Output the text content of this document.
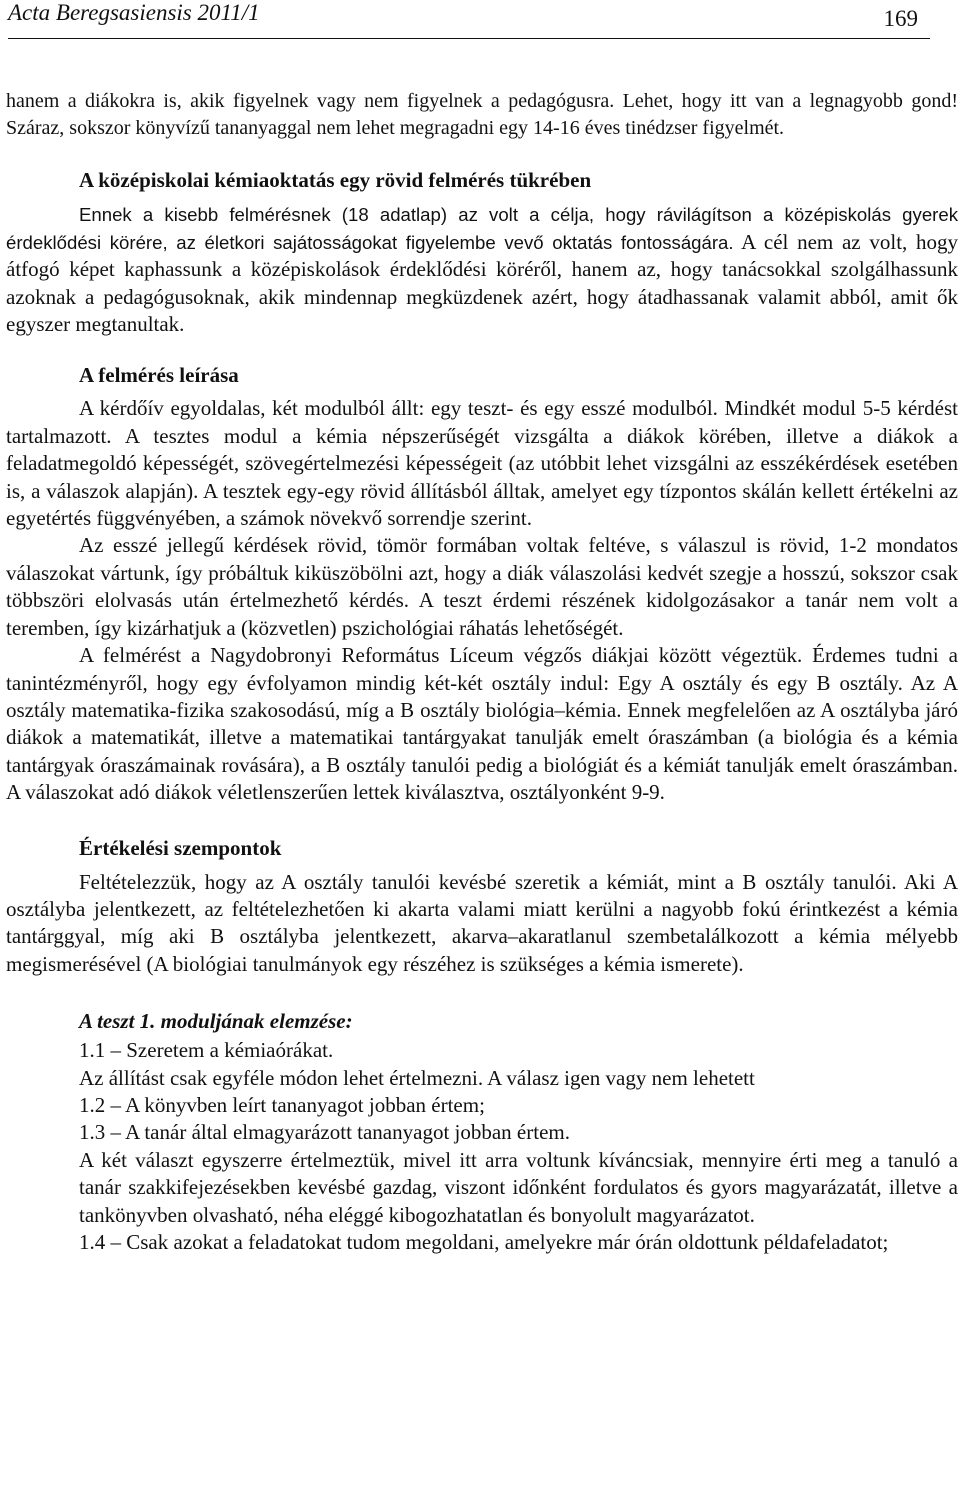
Acta Beregsasiensis 2011/1	169

hanem a diákokra is, akik figyelnek vagy nem figyelnek a pedagógusra. Lehet, hogy itt van a legnagyobb gond! Száraz, sokszor könyvízű tananyaggal nem lehet megragadni egy 14-16 éves tinédzser figyelmét.

A középiskolai kémiaoktatás egy rövid felmérés tükrében

Ennek a kisebb felmérésnek (18 adatlap) az volt a célja, hogy rávilágítson a középiskolás gyerek érdeklődési körére, az életkori sajátosságokat figyelembe vevő oktatás fontosságára. A cél nem az volt, hogy átfogó képet kaphassunk a középiskolások érdeklődési köréről, hanem az, hogy tanácsokkal szolgálhassunk azoknak a pedagógusoknak, akik mindennap megküzdenek azért, hogy átadhassanak valamit abból, amit ők egyszer megtanultak.

A felmérés leírása

A kérdőív egyoldalas, két modulból állt: egy teszt- és egy esszé modulból. Mindkét modul 5-5 kérdést tartalmazott. A tesztes modul a kémia népszerűségét vizsgálta a diákok körében, illetve a diákok a feladatmegoldó képességét, szövegértelmezési képességeit (az utóbbit lehet vizsgálni az esszékérdések esetében is, a válaszok alapján). A tesztek egy-egy rövid állításból álltak, amelyet egy tízpontos skálán kellett értékelni az egyetértés függvényében, a számok növekvő sorrendje szerint.

Az esszé jellegű kérdések rövid, tömör formában voltak feltéve, s válaszul is rövid, 1-2 mondatos válaszokat vártunk, így próbáltuk kiküszöbölni azt, hogy a diák válaszolási kedvét szegje a hosszú, sokszor csak többszöri elolvasás után értelmezhető kérdés. A teszt érdemi részének kidolgozásakor a tanár nem volt a teremben, így kizárhatjuk a (közvetlen) pszichológiai ráhatás lehetőségét.

A felmérést a Nagydobronyi Református Líceum végzős diákjai között végeztük. Érdemes tudni a tanintézményről, hogy egy évfolyamon mindig két-két osztály indul: Egy A osztály és egy B osztály. Az A osztály matematika-fizika szakosodású, míg a B osztály biológia–kémia. Ennek megfelelően az A osztályba járó diákok a matematikát, illetve a matematikai tantárgyakat tanulják emelt óraszámban (a biológia és a kémia tantárgyak óraszámainak rovására), a B osztály tanulói pedig a biológiát és a kémiát tanulják emelt óraszámban. A válaszokat adó diákok véletlenszerűen lettek kiválasztva, osztályonként 9-9.

Értékelési szempontok

Feltételezzük, hogy az A osztály tanulói kevésbé szeretik a kémiát, mint a B osztály tanulói. Aki A osztályba jelentkezett, az feltételezhetően ki akarta valami miatt kerülni a nagyobb fokú érintkezést a kémia tantárggyal, míg aki B osztályba jelentkezett, akarva–akaratlanul szembetalálkozott a kémia mélyebb megismerésével (A biológiai tanulmányok egy részéhez is szükséges a kémia ismerete).

A teszt 1. moduljának elemzése:

1.1 – Szeretem a kémiaórákat.

Az állítást csak egyféle módon lehet értelmezni. A válasz igen vagy nem lehetett

1.2 – A könyvben leírt tananyagot jobban értem;

1.3 – A tanár által elmagyarázott tananyagot jobban értem.

A két választ egyszerre értelmeztük, mivel itt arra voltunk kíváncsiak, mennyire érti meg a tanuló a tanár szakkifejezésekben kevésbé gazdag, viszont időnként fordulatos és gyors magyarázatát, illetve a tankönyvben olvasható, néha eléggé kibogozhatatlan és bonyolult magyarázatot.

1.4 – Csak azokat a feladatokat tudom megoldani, amelyekre már órán oldottunk példafeladatot;
